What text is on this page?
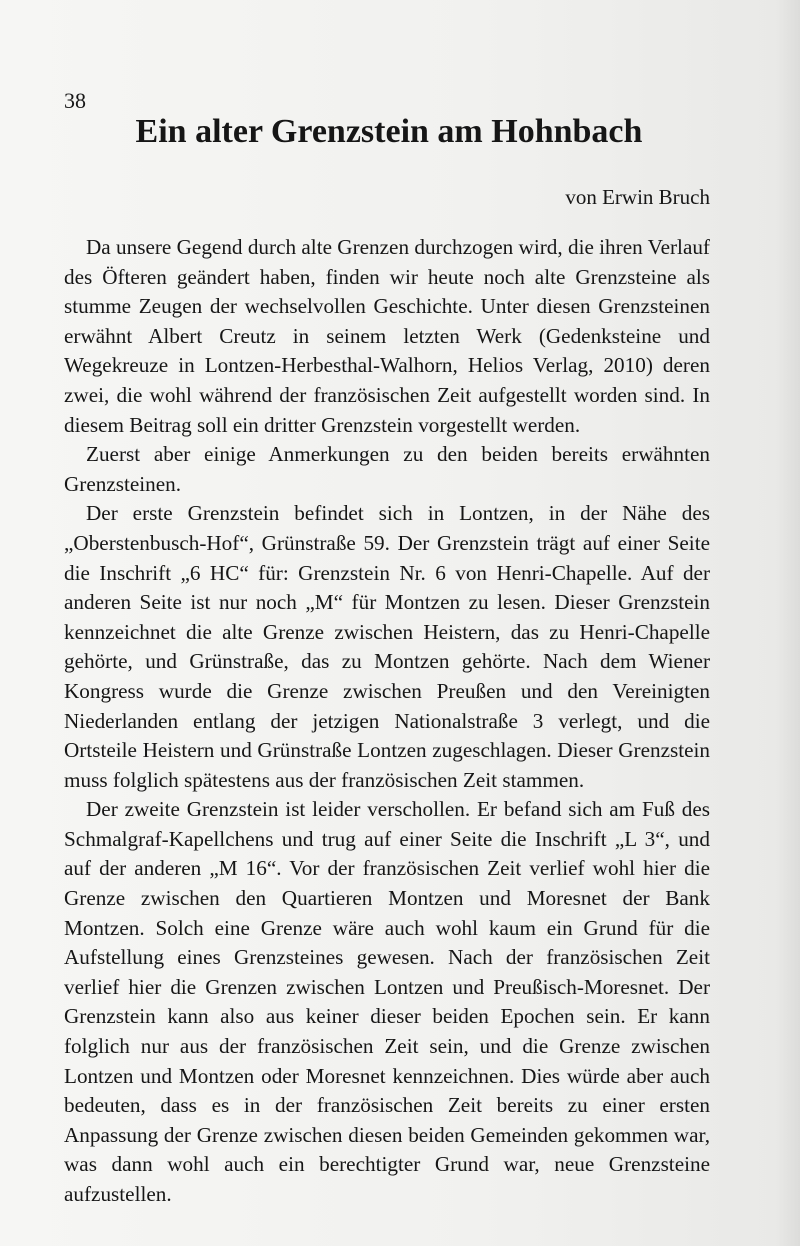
38
Ein alter Grenzstein am Hohnbach
von Erwin Bruch

Da unsere Gegend durch alte Grenzen durchzogen wird, die ihren Verlauf des Öfteren geändert haben, finden wir heute noch alte Grenzsteine als stumme Zeugen der wechselvollen Geschichte. Unter diesen Grenzsteinen erwähnt Albert Creutz in seinem letzten Werk (Gedenksteine und Wegekreuze in Lontzen-Herbesthal-Walhorn, Helios Verlag, 2010) deren zwei, die wohl während der französischen Zeit aufgestellt worden sind. In diesem Beitrag soll ein dritter Grenzstein vorgestellt werden.

Zuerst aber einige Anmerkungen zu den beiden bereits erwähnten Grenzsteinen.

Der erste Grenzstein befindet sich in Lontzen, in der Nähe des „Oberstenbusch-Hof“, Grünstraße 59. Der Grenzstein trägt auf einer Seite die Inschrift „6 HC“ für: Grenzstein Nr. 6 von Henri-Chapelle. Auf der anderen Seite ist nur noch „M“ für Montzen zu lesen. Dieser Grenzstein kennzeichnet die alte Grenze zwischen Heistern, das zu Henri-Chapelle gehörte, und Grünstraße, das zu Montzen gehörte. Nach dem Wiener Kongress wurde die Grenze zwischen Preußen und den Vereinigten Niederlanden entlang der jetzigen Nationalstraße 3 verlegt, und die Ortsteile Heistern und Grünstraße Lontzen zugeschlagen. Dieser Grenzstein muss folglich spätestens aus der französischen Zeit stammen.

Der zweite Grenzstein ist leider verschollen. Er befand sich am Fuß des Schmalgraf-Kapellchens und trug auf einer Seite die Inschrift „L 3“, und auf der anderen „M 16“. Vor der französischen Zeit verlief wohl hier die Grenze zwischen den Quartieren Montzen und Moresnet der Bank Montzen. Solch eine Grenze wäre auch wohl kaum ein Grund für die Aufstellung eines Grenzsteines gewesen. Nach der französischen Zeit verlief hier die Grenzen zwischen Lontzen und Preußisch-Moresnet. Der Grenzstein kann also aus keiner dieser beiden Epochen sein. Er kann folglich nur aus der französischen Zeit sein, und die Grenze zwischen Lontzen und Montzen oder Moresnet kennzeichnen. Dies würde aber auch bedeuten, dass es in der französischen Zeit bereits zu einer ersten Anpassung der Grenze zwischen diesen beiden Gemeinden gekommen war, was dann wohl auch ein berechtigter Grund war, neue Grenzsteine aufzustellen.
